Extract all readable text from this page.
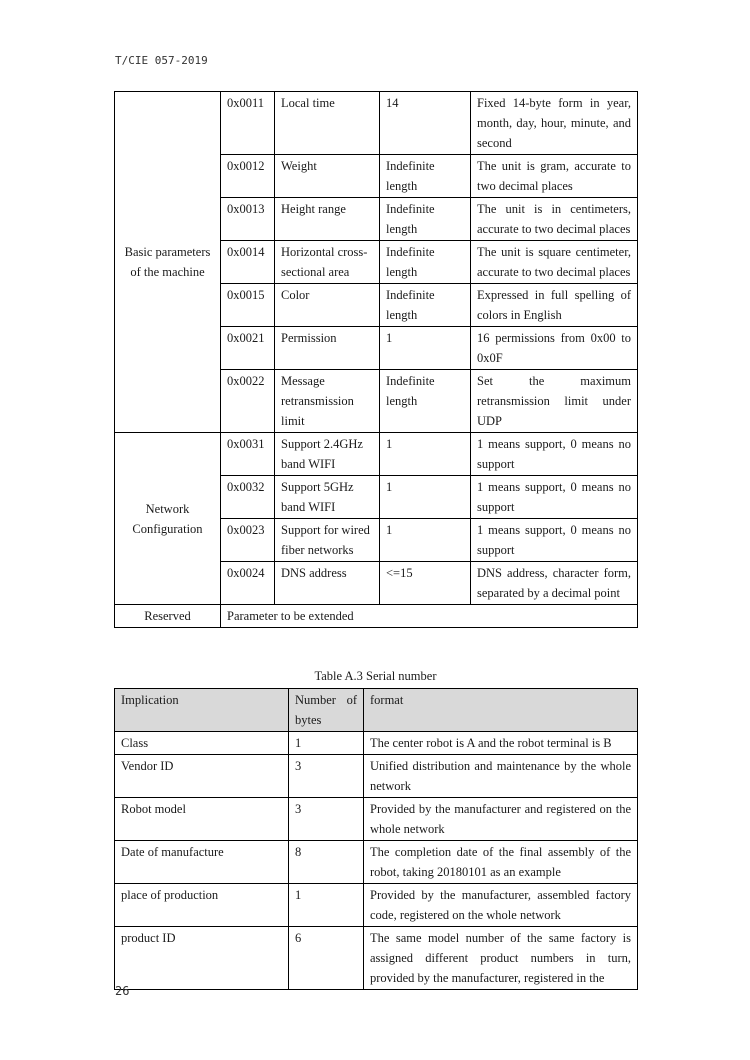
T/CIE 057-2019
Basic parameters of the machine	0x0011	Local time	14	Fixed 14-byte form in year, month, day, hour, minute, and second
	0x0012	Weight	Indefinite length	The unit is gram, accurate to two decimal places
	0x0013	Height range	Indefinite length	The unit is in centimeters, accurate to two decimal places
	0x0014	Horizontal cross-sectional area	Indefinite length	The unit is square centimeter, accurate to two decimal places
	0x0015	Color	Indefinite length	Expressed in full spelling of colors in English
	0x0021	Permission	1	16 permissions from 0x00 to 0x0F
	0x0022	Message retransmission limit	Indefinite length	Set the maximum retransmission limit under UDP
Network Configuration	0x0031	Support 2.4GHz band WIFI	1	1 means support, 0 means no support
	0x0032	Support 5GHz band WIFI	1	1 means support, 0 means no support
	0x0023	Support for wired fiber networks	1	1 means support, 0 means no support
	0x0024	DNS address	<=15	DNS address, character form, separated by a decimal point
Reserved	Parameter to be extended			
Table A.3 Serial number
Implication	Number of bytes	format
Class	1	The center robot is A and the robot terminal is B
Vendor ID	3	Unified distribution and maintenance by the whole network
Robot model	3	Provided by the manufacturer and registered on the whole network
Date of manufacture	8	The completion date of the final assembly of the robot, taking 20180101 as an example
place of production	1	Provided by the manufacturer, assembled factory code, registered on the whole network
product ID	6	The same model number of the same factory is assigned different product numbers in turn, provided by the manufacturer, registered in the
26
